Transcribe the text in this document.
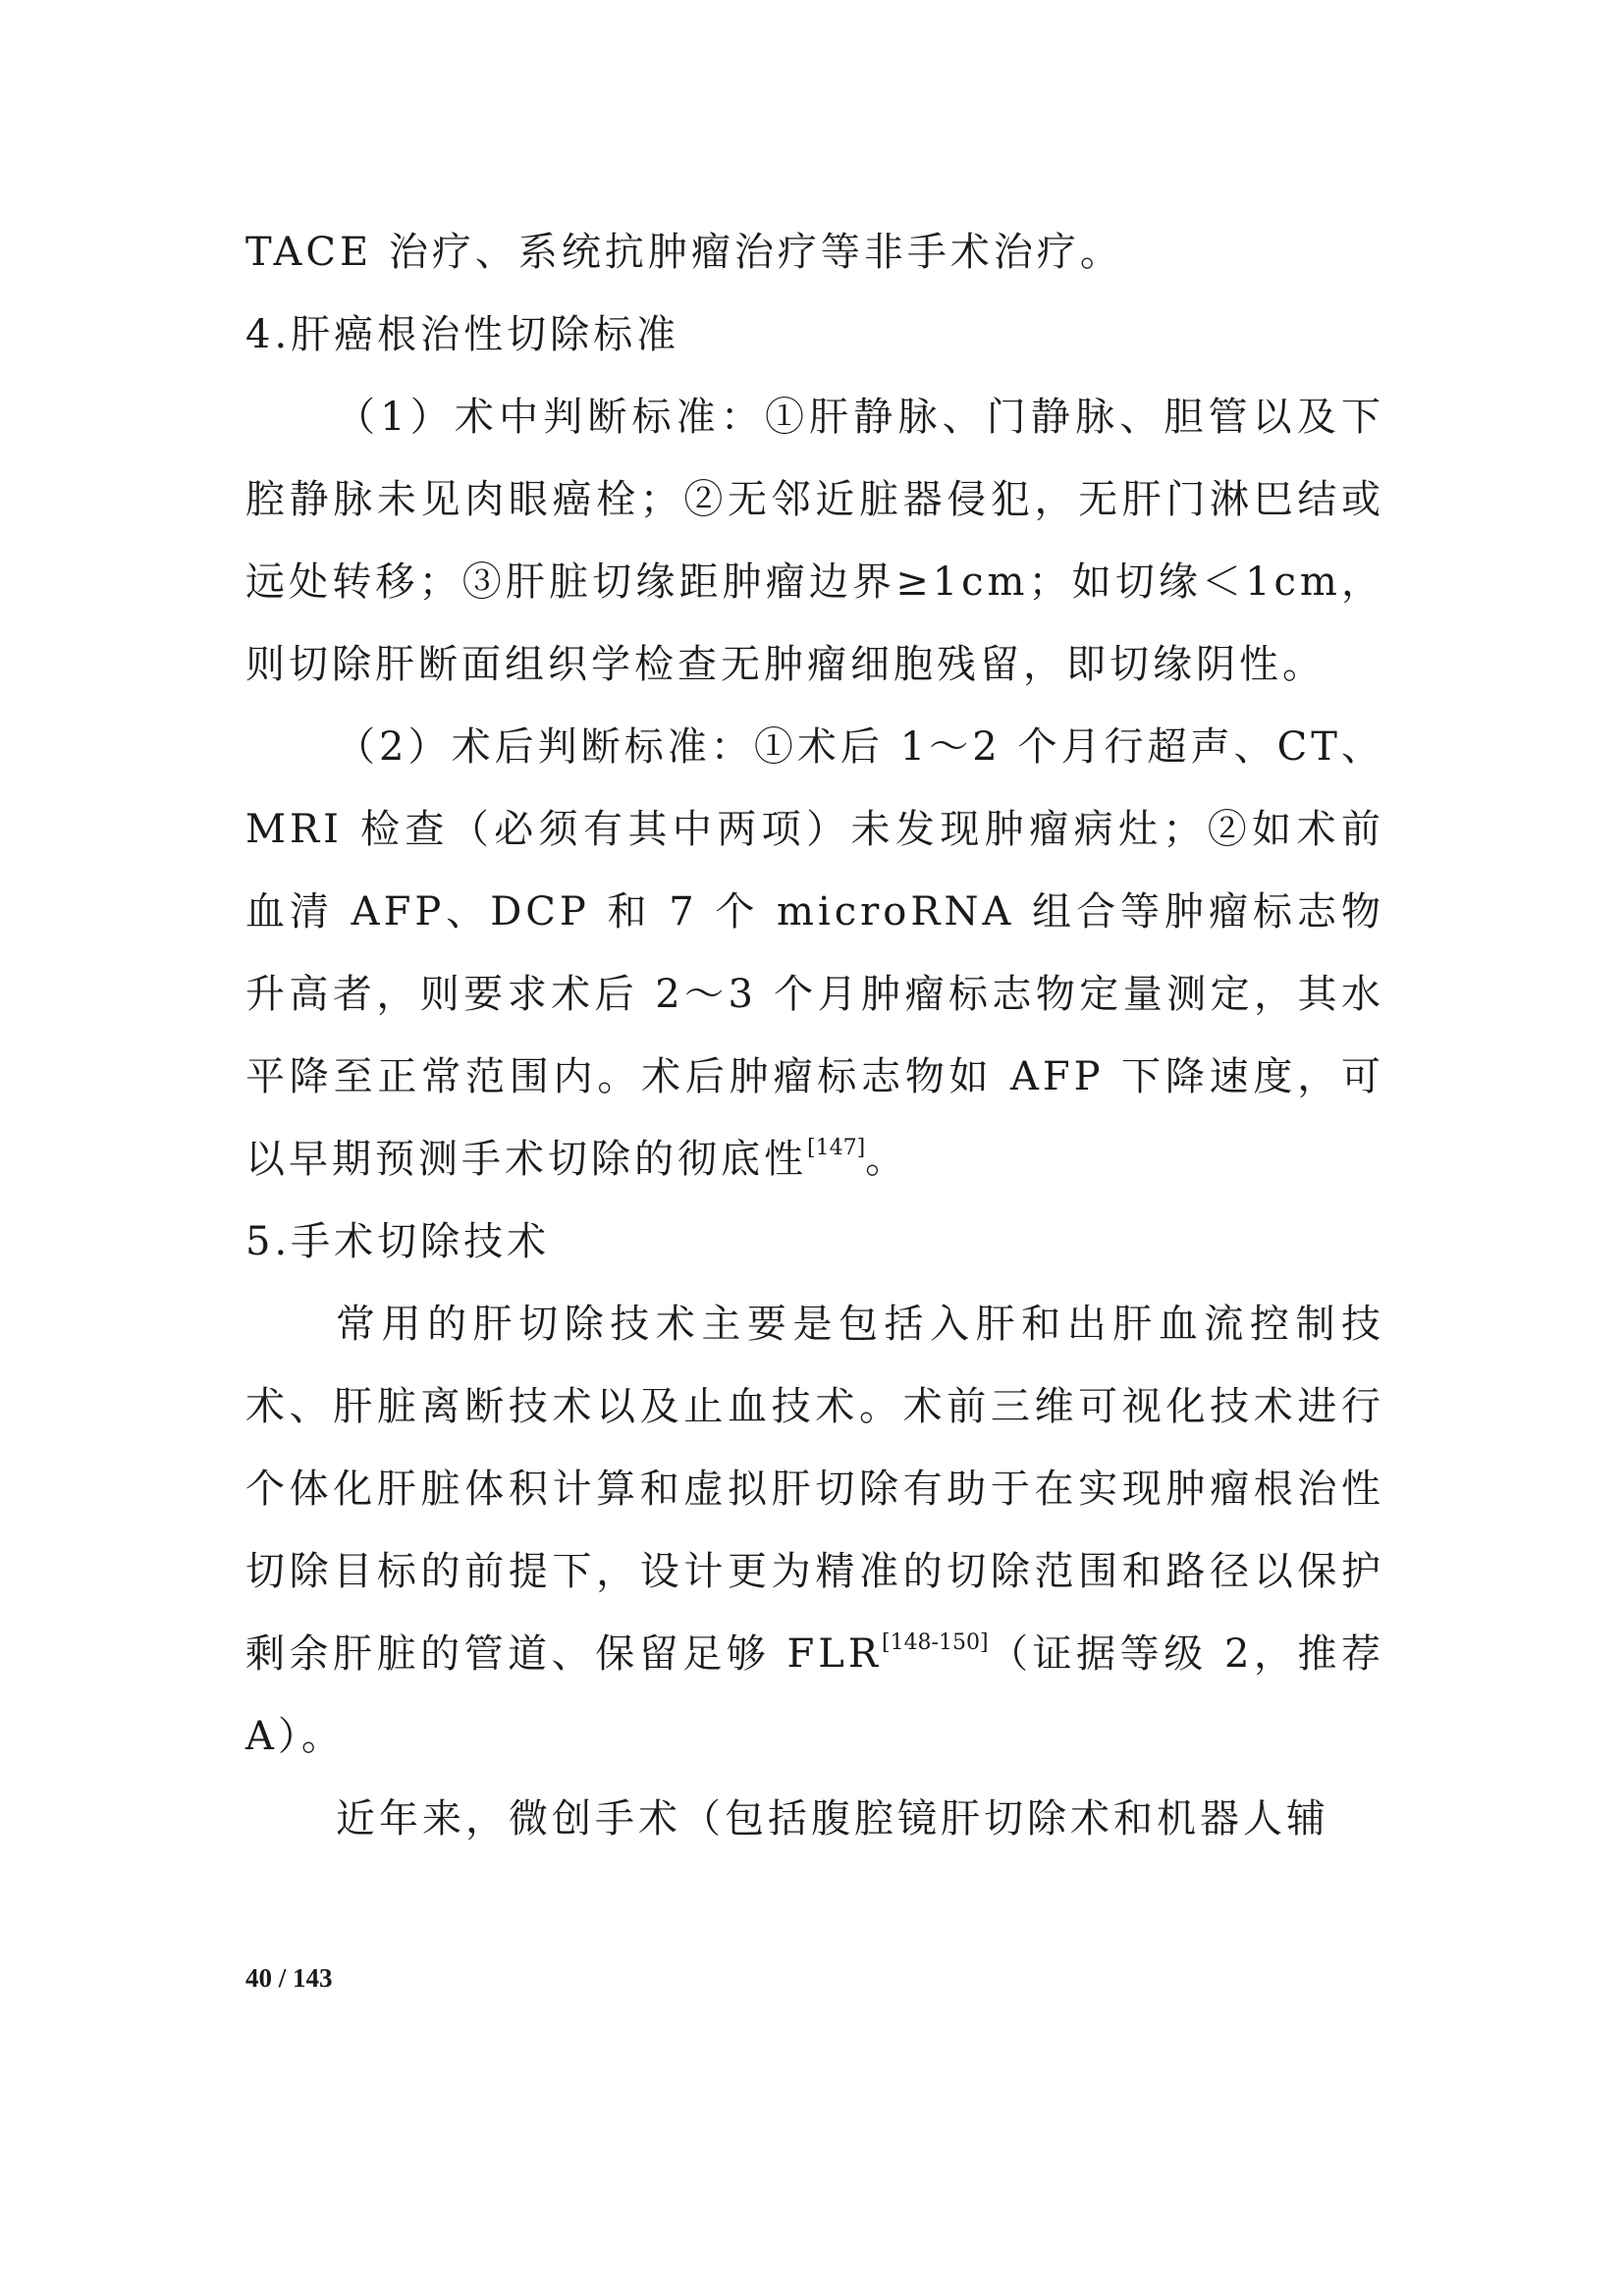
TACE 治疗、系统抗肿瘤治疗等非手术治疗。

4.肝癌根治性切除标准

（1）术中判断标准：①肝静脉、门静脉、胆管以及下腔静脉未见肉眼癌栓；②无邻近脏器侵犯，无肝门淋巴结或远处转移；③肝脏切缘距肿瘤边界≥1cm；如切缘＜1cm，则切除肝断面组织学检查无肿瘤细胞残留，即切缘阴性。

（2）术后判断标准：①术后 1～2 个月行超声、CT、MRI 检查（必须有其中两项）未发现肿瘤病灶；②如术前血清 AFP、DCP 和 7 个 microRNA 组合等肿瘤标志物升高者，则要求术后 2～3 个月肿瘤标志物定量测定，其水平降至正常范围内。术后肿瘤标志物如 AFP 下降速度，可以早期预测手术切除的彻底性[147]。

5.手术切除技术

常用的肝切除技术主要是包括入肝和出肝血流控制技术、肝脏离断技术以及止血技术。术前三维可视化技术进行个体化肝脏体积计算和虚拟肝切除有助于在实现肿瘤根治性切除目标的前提下，设计更为精准的切除范围和路径以保护剩余肝脏的管道、保留足够 FLR[148-150]（证据等级 2，推荐 A）。

近年来，微创手术（包括腹腔镜肝切除术和机器人辅

40 / 143
